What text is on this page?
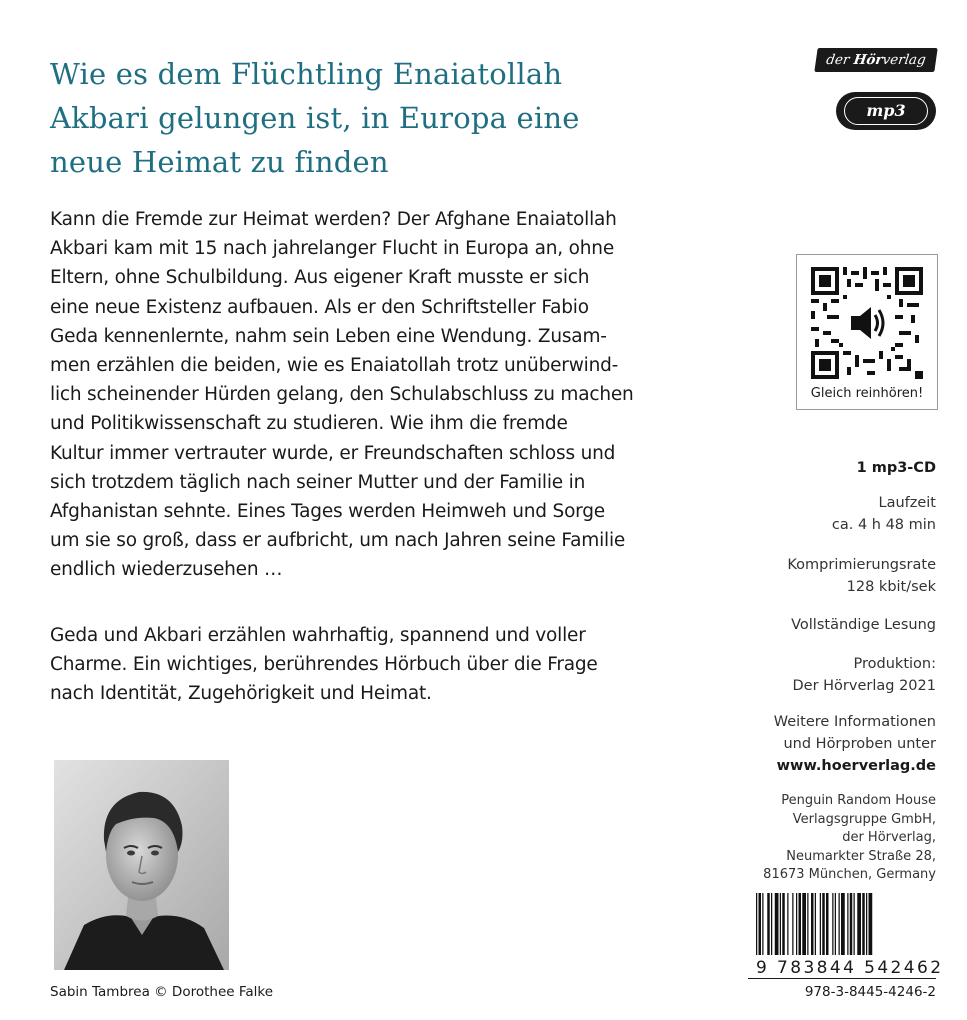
Wie es dem Flüchtling Enaiatollah
Akbari gelungen ist, in Europa eine
neue Heimat zu finden
Kann die Fremde zur Heimat werden? Der Afghane Enaiatollah
Akbari kam mit 15 nach jahrelanger Flucht in Europa an, ohne
Eltern, ohne Schulbildung. Aus eigener Kraft musste er sich
eine neue Existenz aufbauen. Als er den Schriftsteller Fabio
Geda kennenlernte, nahm sein Leben eine Wendung. Zusam-
men erzählen die beiden, wie es Enaiatollah trotz unüberwind-
lich scheinender Hürden gelang, den Schulabschluss zu machen
und Politikwissenschaft zu studieren. Wie ihm die fremde
Kultur immer vertrauter wurde, er Freundschaften schloss und
sich trotzdem täglich nach seiner Mutter und der Familie in
Afghanistan sehnte. Eines Tages werden Heimweh und Sorge
um sie so groß, dass er aufbricht, um nach Jahren seine Familie
endlich wiederzusehen …
Geda und Akbari erzählen wahrhaftig, spannend und voller
Charme. Ein wichtiges, berührendes Hörbuch über die Frage
nach Identität, Zugehörigkeit und Heimat.
Sabin Tambrea © Dorothee Falke
der Hörverlag
mp3
Gleich reinhören!
1 mp3-CD
Laufzeit
ca. 4 h 48 min
Komprimierungsrate
128 kbit/sek
Vollständige Lesung
Produktion:
Der Hörverlag 2021
Weitere Informationen
und Hörproben unter
www.hoerverlag.de
Penguin Random House
Verlagsgruppe GmbH,
der Hörverlag,
Neumarkter Straße 28,
81673 München, Germany
9 783844 542462
978-3-8445-4246-2
